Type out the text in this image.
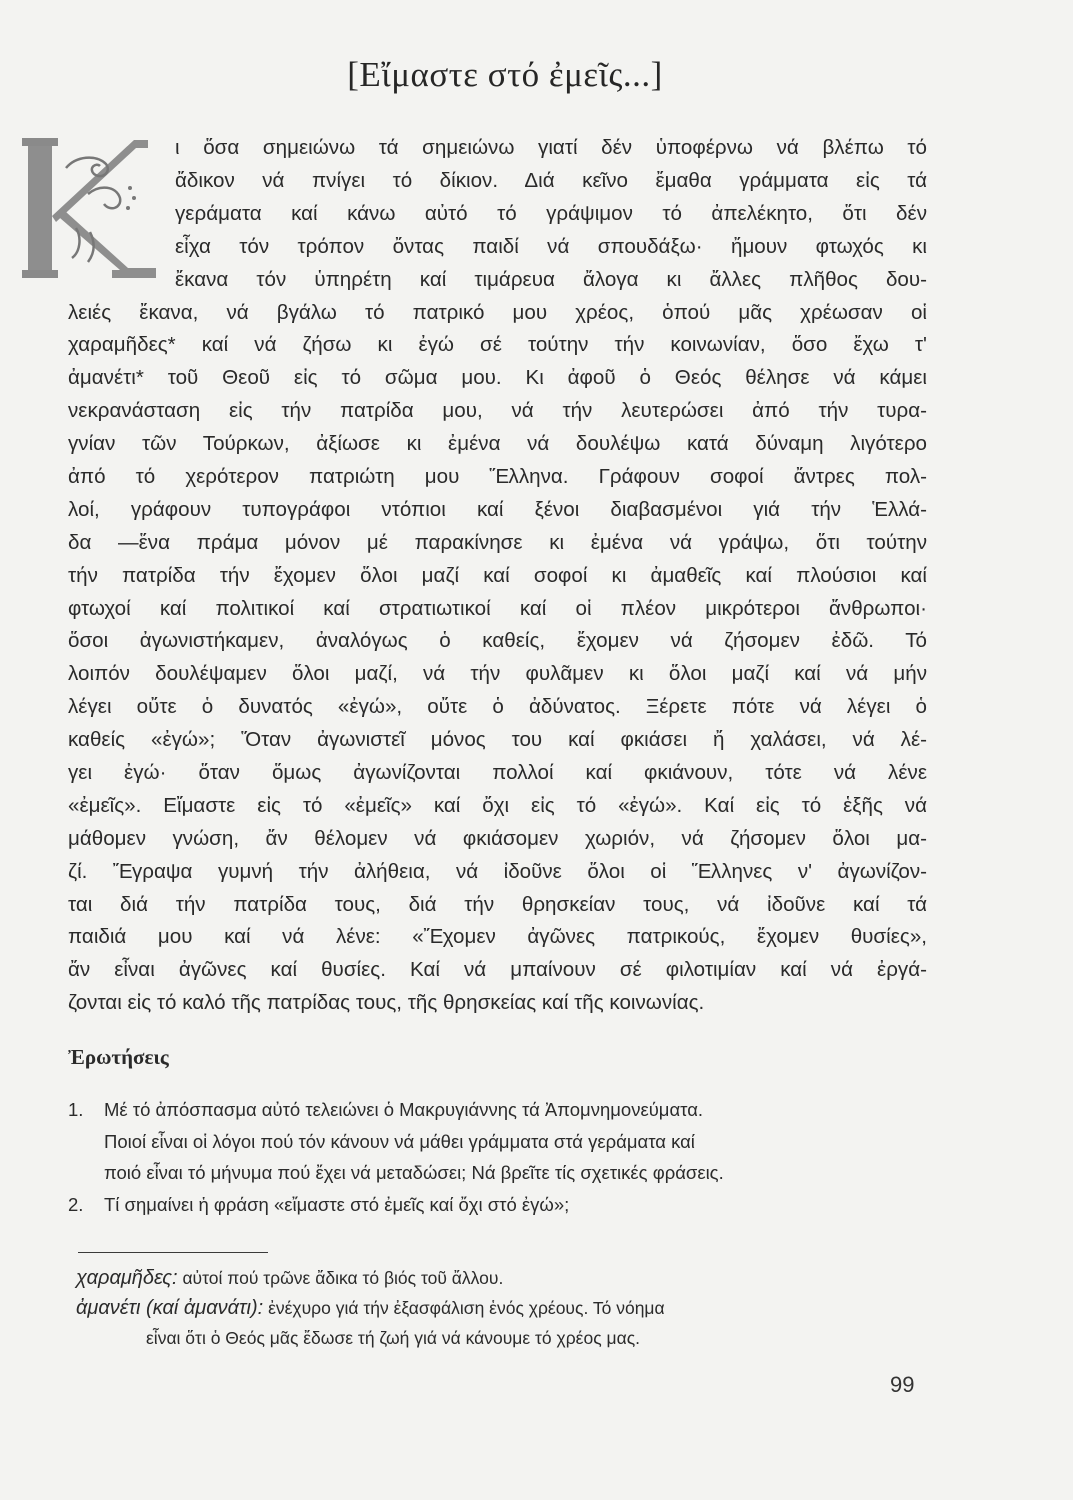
[Εἴμαστε στό ἐμεῖς...]
ι ὅσα σημειώνω τά σημειώνω γιατί δέν ὑποφέρνω νά βλέπω τό
ἄδικον νά πνίγει τό δίκιον. Διά κεῖνο ἔμαθα γράμματα εἰς τά
γεράματα καί κάνω αὐτό τό γράψιμον τό ἀπελέκητο, ὅτι δέν
εἶχα τόν τρόπον ὄντας παιδί νά σπουδάξω· ἤμουν φτωχός κι
ἔκανα τόν ὑπηρέτη καί τιμάρευα ἄλογα κι ἄλλες πλῆθος δου-
λειές ἔκανα, νά βγάλω τό πατρικό μου χρέος, ὁπού μᾶς χρέωσαν οἱ
χαραμῆδες* καί νά ζήσω κι ἐγώ σέ τούτην τήν κοινωνίαν, ὅσο ἔχω τ'
ἀμανέτι* τοῦ Θεοῦ εἰς τό σῶμα μου. Κι ἀφοῦ ὁ Θεός θέλησε νά κάμει
νεκρανάσταση εἰς τήν πατρίδα μου, νά τήν λευτερώσει ἀπό τήν τυρα-
γνίαν τῶν Τούρκων, ἀξίωσε κι ἐμένα νά δουλέψω κατά δύναμη λιγότερο
ἀπό τό χερότερον πατριώτη μου Ἕλληνα. Γράφουν σοφοί ἄντρες πολ-
λοί, γράφουν τυπογράφοι ντόπιοι καί ξένοι διαβασμένοι γιά τήν Ἑλλά-
δα —ἕνα πράμα μόνον μέ παρακίνησε κι ἐμένα νά γράψω, ὅτι τούτην
τήν πατρίδα τήν ἔχομεν ὅλοι μαζί καί σοφοί κι ἀμαθεῖς καί πλούσιοι καί
φτωχοί καί πολιτικοί καί στρατιωτικοί καί οἱ πλέον μικρότεροι ἄνθρωποι·
ὅσοι ἀγωνιστήκαμεν, ἀναλόγως ὁ καθείς, ἔχομεν νά ζήσομεν ἐδῶ. Τό
λοιπόν δουλέψαμεν ὅλοι μαζί, νά τήν φυλᾶμεν κι ὅλοι μαζί καί νά μήν
λέγει οὔτε ὁ δυνατός «ἐγώ», οὔτε ὁ ἀδύνατος. Ξέρετε πότε νά λέγει ὁ
καθείς «ἐγώ»; Ὅταν ἀγωνιστεῖ μόνος του καί φκιάσει ἤ χαλάσει, νά λέ-
γει ἐγώ· ὅταν ὅμως ἀγωνίζονται πολλοί καί φκιάνουν, τότε νά λένε
«ἐμεῖς». Εἴμαστε εἰς τό «ἐμεῖς» καί ὄχι εἰς τό «ἐγώ». Καί εἰς τό ἑξῆς νά
μάθομεν γνώση, ἄν θέλομεν νά φκιάσομεν χωριόν, νά ζήσομεν ὅλοι μα-
ζί. Ἔγραψα γυμνή τήν ἀλήθεια, νά ἰδοῦνε ὅλοι οἱ Ἕλληνες ν' ἀγωνίζον-
ται διά τήν πατρίδα τους, διά τήν θρησκείαν τους, νά ἰδοῦνε καί τά
παιδιά μου καί νά λένε: «Ἔχομεν ἀγῶνες πατρικούς, ἔχομεν θυσίες»,
ἄν εἶναι ἀγῶνες καί θυσίες. Καί νά μπαίνουν σέ φιλοτιμίαν καί νά ἐργά-
ζονται εἰς τό καλό τῆς πατρίδας τους, τῆς θρησκείας καί τῆς κοινωνίας.
Ἐρωτήσεις
1.	Μέ τό ἀπόσπασμα αὐτό τελειώνει ὁ Μακρυγιάννης τά Ἀπομνημονεύματα.
Ποιοί εἶναι οἱ λόγοι πού τόν κάνουν νά μάθει γράμματα στά γεράματα καί
ποιό εἶναι τό μήνυμα πού ἔχει νά μεταδώσει; Νά βρεῖτε τίς σχετικές φράσεις.
2.	Τί σημαίνει ἡ φράση «εἴμαστε στό ἐμεῖς καί ὄχι στό ἐγώ»;
χαραμῆδες: αὐτοί πού τρῶνε ἄδικα τό βιός τοῦ ἄλλου.
ἀμανέτι (καί ἀμανάτι): ἐνέχυρο γιά τήν ἐξασφάλιση ἑνός χρέους. Τό νόημα
εἶναι ὅτι ὁ Θεός μᾶς ἔδωσε τή ζωή γιά νά κάνουμε τό χρέος μας.
99
